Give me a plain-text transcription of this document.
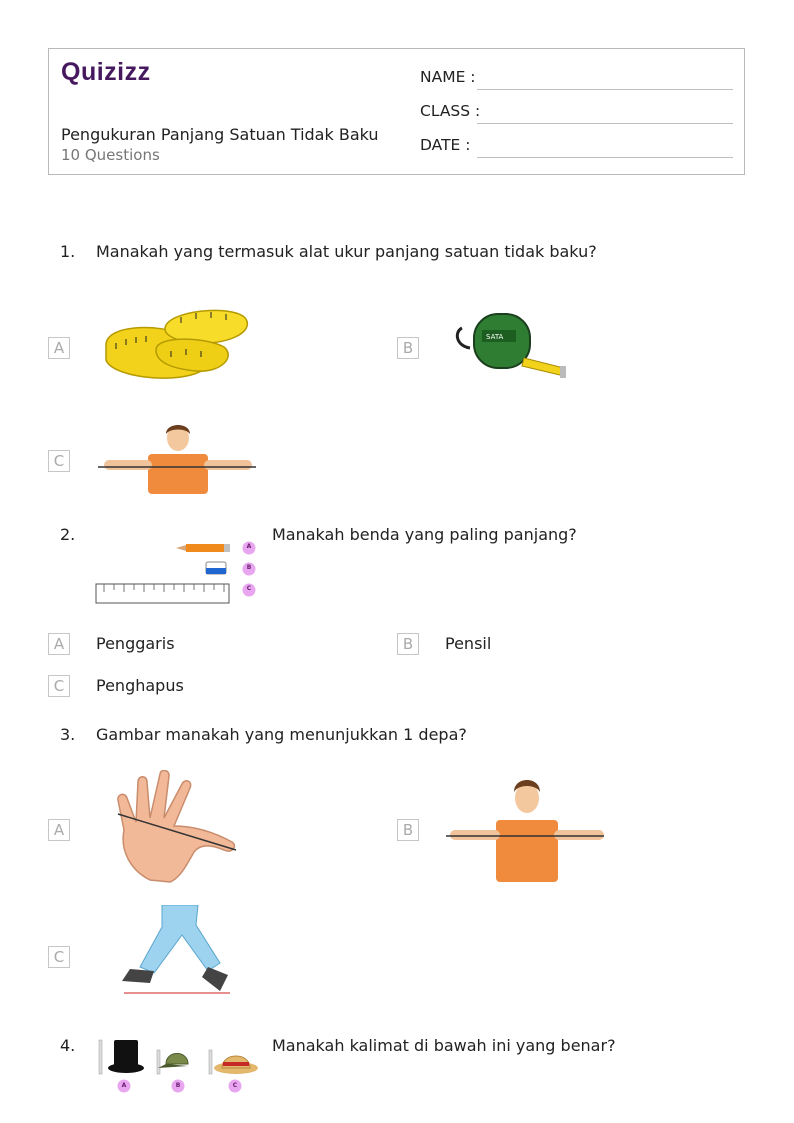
Quizizz
Pengukuran Panjang Satuan Tidak Baku
10 Questions
NAME :
CLASS :
DATE :
1. Manakah yang termasuk alat ukur panjang satuan tidak baku?
A	B
SATA
C
2.
A
B
C
Manakah benda yang paling panjang?
A	Penggaris	B	Pensil
C	Penghapus
3. Gambar manakah yang menunjukkan 1 depa?
A	B
C
4.
A	B	C
Manakah kalimat di bawah ini yang benar?
